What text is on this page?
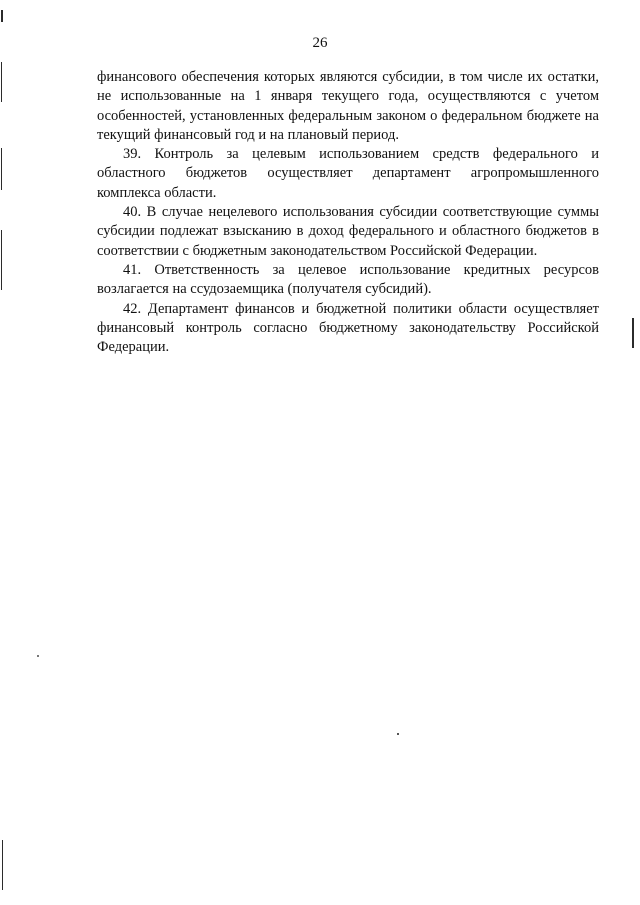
26

финансового обеспечения которых являются субсидии, в том числе их остатки, не использованные на 1 января текущего года, осуществляются с учетом особенностей, установленных федеральным законом о федеральном бюджете на текущий финансовый год и на плановый период.

39. Контроль за целевым использованием средств федерального и областного бюджетов осуществляет департамент агропромышленного комплекса области.

40. В случае нецелевого использования субсидии соответствующие суммы субсидии подлежат взысканию в доход федерального и областного бюджетов в соответствии с бюджетным законодательством Российской Федерации.

41. Ответственность за целевое использование кредитных ресурсов возлагается на ссудозаемщика (получателя субсидий).

42. Департамент финансов и бюджетной политики области осуществляет финансовый контроль согласно бюджетному законодательству Российской Федерации.
